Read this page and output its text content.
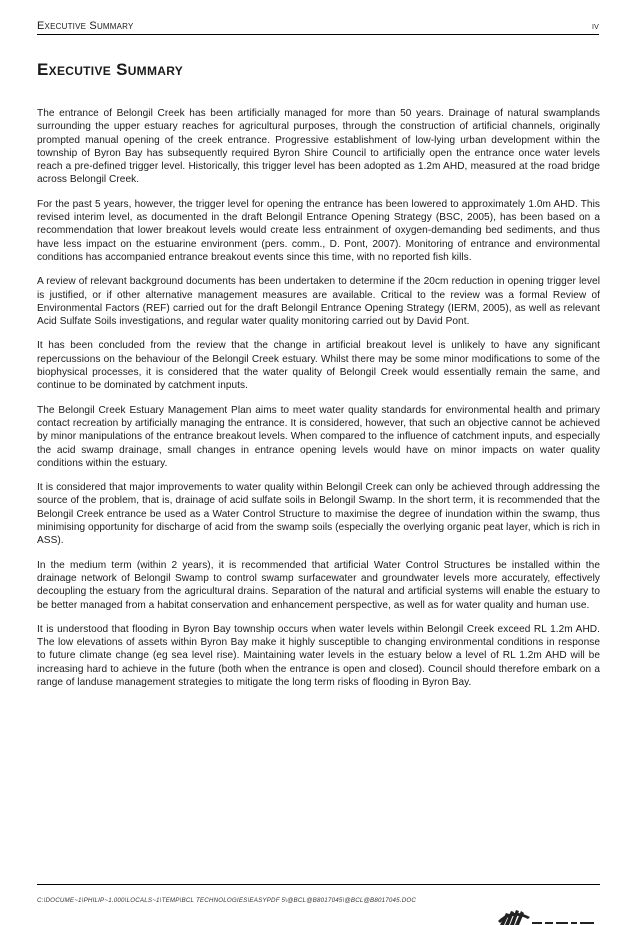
Executive Summary	iv
Executive Summary

The entrance of Belongil Creek has been artificially managed for more than 50 years. Drainage of natural swamplands surrounding the upper estuary reaches for agricultural purposes, through the construction of artificial channels, originally prompted manual opening of the creek entrance. Progressive establishment of low-lying urban development within the township of Byron Bay has subsequently required Byron Shire Council to artificially open the entrance once water levels reach a pre-defined trigger level. Historically, this trigger level has been adopted as 1.2m AHD, measured at the road bridge across Belongil Creek.

For the past 5 years, however, the trigger level for opening the entrance has been lowered to approximately 1.0m AHD. This revised interim level, as documented in the draft Belongil Entrance Opening Strategy (BSC, 2005), has been based on a recommendation that lower breakout levels would create less entrainment of oxygen-demanding bed sediments, and thus have less impact on the estuarine environment (pers. comm., D. Pont, 2007). Monitoring of entrance and environmental conditions has accompanied entrance breakout events since this time, with no reported fish kills.

A review of relevant background documents has been undertaken to determine if the 20cm reduction in opening trigger level is justified, or if other alternative management measures are available. Critical to the review was a formal Review of Environmental Factors (REF) carried out for the draft Belongil Entrance Opening Strategy (IERM, 2005), as well as relevant Acid Sulfate Soils investigations, and regular water quality monitoring carried out by David Pont.

It has been concluded from the review that the change in artificial breakout level is unlikely to have any significant repercussions on the behaviour of the Belongil Creek estuary. Whilst there may be some minor modifications to some of the biophysical processes, it is considered that the water quality of Belongil Creek would essentially remain the same, and continue to be dominated by catchment inputs.

The Belongil Creek Estuary Management Plan aims to meet water quality standards for environmental health and primary contact recreation by artificially managing the entrance. It is considered, however, that such an objective cannot be achieved by minor manipulations of the entrance breakout levels. When compared to the influence of catchment inputs, and especially the acid swamp drainage, small changes in entrance opening levels would have on minor impacts on water quality conditions within the estuary.

It is considered that major improvements to water quality within Belongil Creek can only be achieved through addressing the source of the problem, that is, drainage of acid sulfate soils in Belongil Swamp. In the short term, it is recommended that the Belongil Creek entrance be used as a Water Control Structure to maximise the degree of inundation within the swamp, thus minimising opportunity for discharge of acid from the swamp soils (especially the overlying organic peat layer, which is rich in ASS).

In the medium term (within 2 years), it is recommended that artificial Water Control Structures be installed within the drainage network of Belongil Swamp to control swamp surfacewater and groundwater levels more accurately, effectively decoupling the estuary from the agricultural drains. Separation of the natural and artificial systems will enable the estuary to be better managed from a habitat conservation and enhancement perspective, as well as for water quality and human use.

It is understood that flooding in Byron Bay township occurs when water levels within Belongil Creek exceed RL 1.2m AHD. The low elevations of assets within Byron Bay make it highly susceptible to changing environmental conditions in response to future climate change (eg sea level rise). Maintaining water levels in the estuary below a level of RL 1.2m AHD will be increasing hard to achieve in the future (both when the entrance is open and closed). Council should therefore embark on a range of landuse management strategies to mitigate the long term risks of flooding in Byron Bay.

C:\DOCUME~1\PHILIP~1.000\LOCALS~1\TEMP\BCL TECHNOLOGIES\EASYPDF 5\@BCL@B8017045\@BCL@B8017045.DOC
